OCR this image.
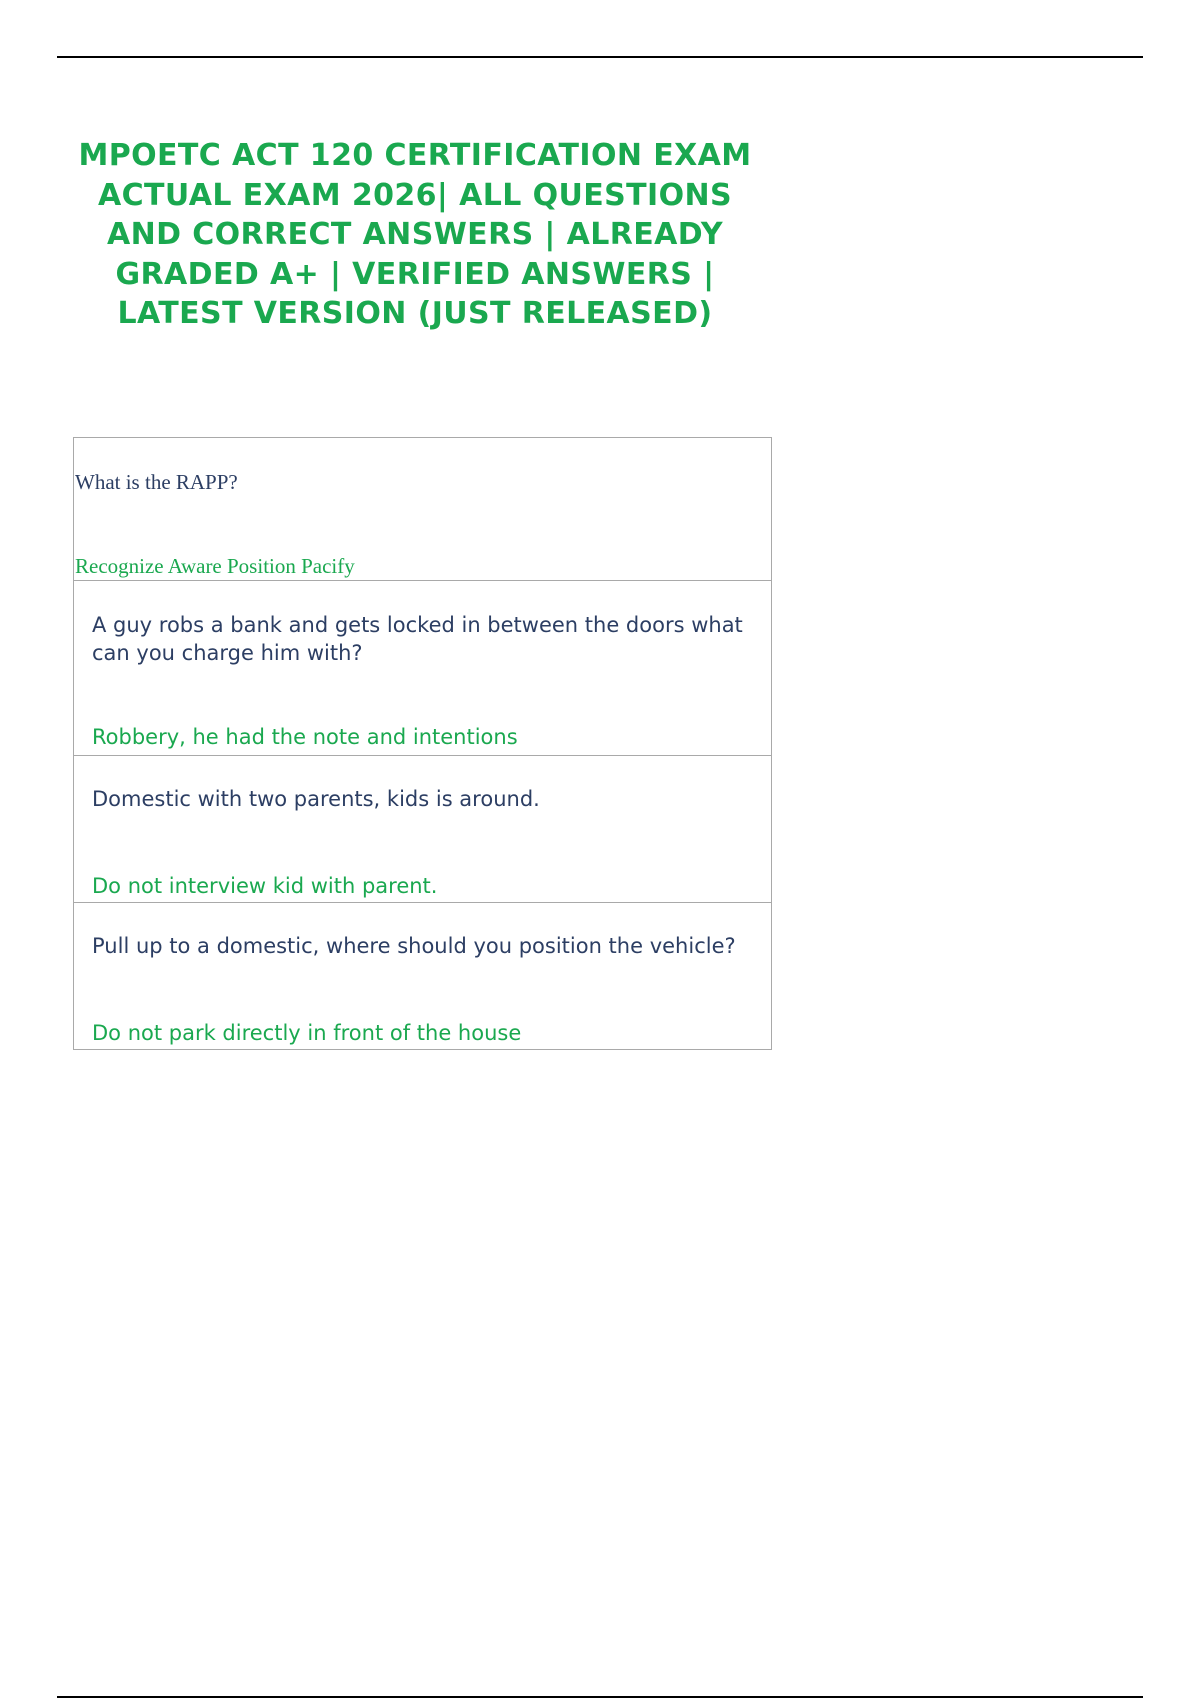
MPOETC ACT 120 CERTIFICATION EXAM ACTUAL EXAM 2026| ALL QUESTIONS AND CORRECT ANSWERS | ALREADY GRADED A+ | VERIFIED ANSWERS | LATEST VERSION (JUST RELEASED)

What is the RAPP?

Recognize Aware Position Pacify

A guy robs a bank and gets locked in between the doors what can you charge him with?

Robbery, he had the note and intentions

Domestic with two parents, kids is around.

Do not interview kid with parent.

Pull up to a domestic, where should you position the vehicle?

Do not park directly in front of the house
